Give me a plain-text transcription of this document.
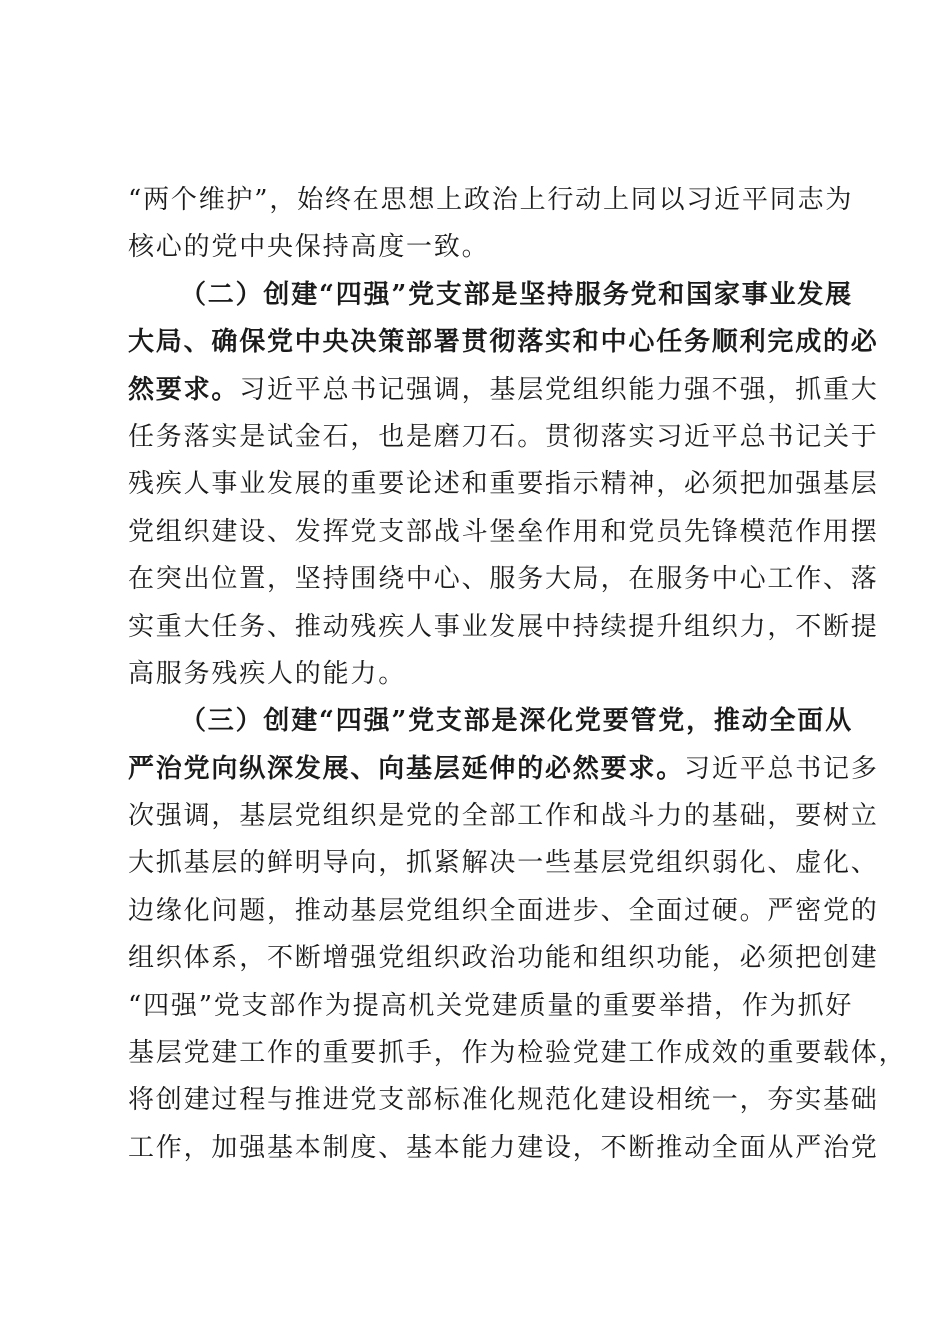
“两个维护”，始终在思想上政治上行动上同以习近平同志为
核心的党中央保持高度一致。
（二）创建“四强”党支部是坚持服务党和国家事业发展
大局、确保党中央决策部署贯彻落实和中心任务顺利完成的必
然要求。习近平总书记强调，基层党组织能力强不强，抓重大
任务落实是试金石，也是磨刀石。贯彻落实习近平总书记关于
残疾人事业发展的重要论述和重要指示精神，必须把加强基层
党组织建设、发挥党支部战斗堡垒作用和党员先锋模范作用摆
在突出位置，坚持围绕中心、服务大局，在服务中心工作、落
实重大任务、推动残疾人事业发展中持续提升组织力，不断提
高服务残疾人的能力。
（三）创建“四强”党支部是深化党要管党，推动全面从
严治党向纵深发展、向基层延伸的必然要求。习近平总书记多
次强调，基层党组织是党的全部工作和战斗力的基础，要树立
大抓基层的鲜明导向，抓紧解决一些基层党组织弱化、虚化、
边缘化问题，推动基层党组织全面进步、全面过硬。严密党的
组织体系，不断增强党组织政治功能和组织功能，必须把创建
“四强”党支部作为提高机关党建质量的重要举措，作为抓好
基层党建工作的重要抓手，作为检验党建工作成效的重要载体，
将创建过程与推进党支部标准化规范化建设相统一，夯实基础
工作，加强基本制度、基本能力建设，不断推动全面从严治党
